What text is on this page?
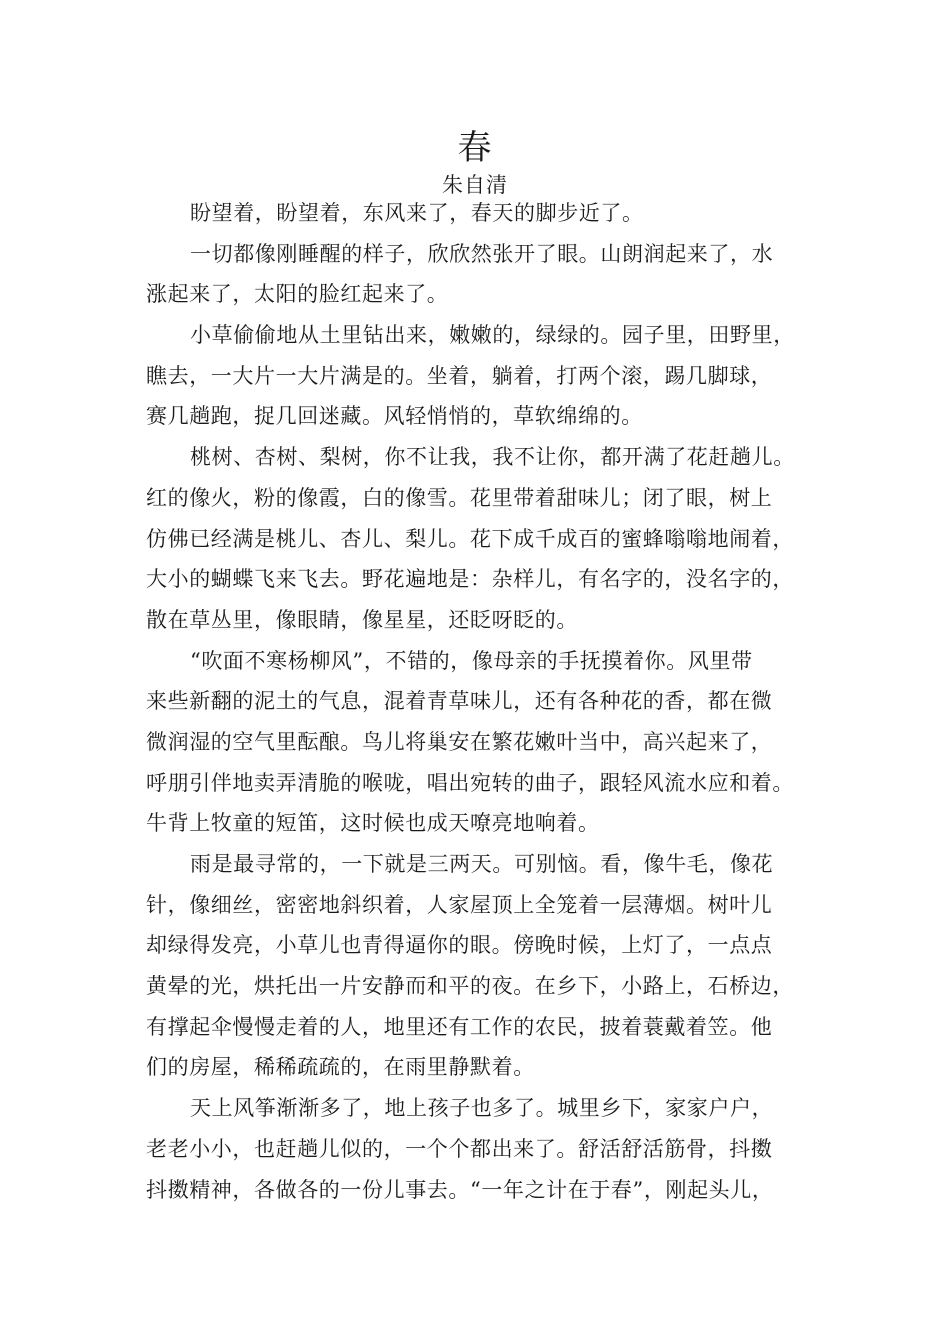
春
朱自清
盼望着，盼望着，东风来了，春天的脚步近了。
一切都像刚睡醒的样子，欣欣然张开了眼。山朗润起来了，水
涨起来了，太阳的脸红起来了。
小草偷偷地从土里钻出来，嫩嫩的，绿绿的。园子里，田野里，
瞧去，一大片一大片满是的。坐着，躺着，打两个滚，踢几脚球，
赛几趟跑，捉几回迷藏。风轻悄悄的，草软绵绵的。
桃树、杏树、梨树，你不让我，我不让你，都开满了花赶趟儿。
红的像火，粉的像霞，白的像雪。花里带着甜味儿；闭了眼，树上
仿佛已经满是桃儿、杏儿、梨儿。花下成千成百的蜜蜂嗡嗡地闹着，
大小的蝴蝶飞来飞去。野花遍地是：杂样儿，有名字的，没名字的，
散在草丛里，像眼睛，像星星，还眨呀眨的。
“吹面不寒杨柳风”，不错的，像母亲的手抚摸着你。风里带
来些新翻的泥土的气息，混着青草味儿，还有各种花的香，都在微
微润湿的空气里酝酿。鸟儿将巢安在繁花嫩叶当中，高兴起来了，
呼朋引伴地卖弄清脆的喉咙，唱出宛转的曲子，跟轻风流水应和着。
牛背上牧童的短笛，这时候也成天嘹亮地响着。
雨是最寻常的，一下就是三两天。可别恼。看，像牛毛，像花
针，像细丝，密密地斜织着，人家屋顶上全笼着一层薄烟。树叶儿
却绿得发亮，小草儿也青得逼你的眼。傍晚时候，上灯了，一点点
黄晕的光，烘托出一片安静而和平的夜。在乡下，小路上，石桥边，
有撑起伞慢慢走着的人，地里还有工作的农民，披着蓑戴着笠。他
们的房屋，稀稀疏疏的，在雨里静默着。
天上风筝渐渐多了，地上孩子也多了。城里乡下，家家户户，
老老小小，也赶趟儿似的，一个个都出来了。舒活舒活筋骨，抖擞
抖擞精神，各做各的一份儿事去。“一年之计在于春”，刚起头儿，
